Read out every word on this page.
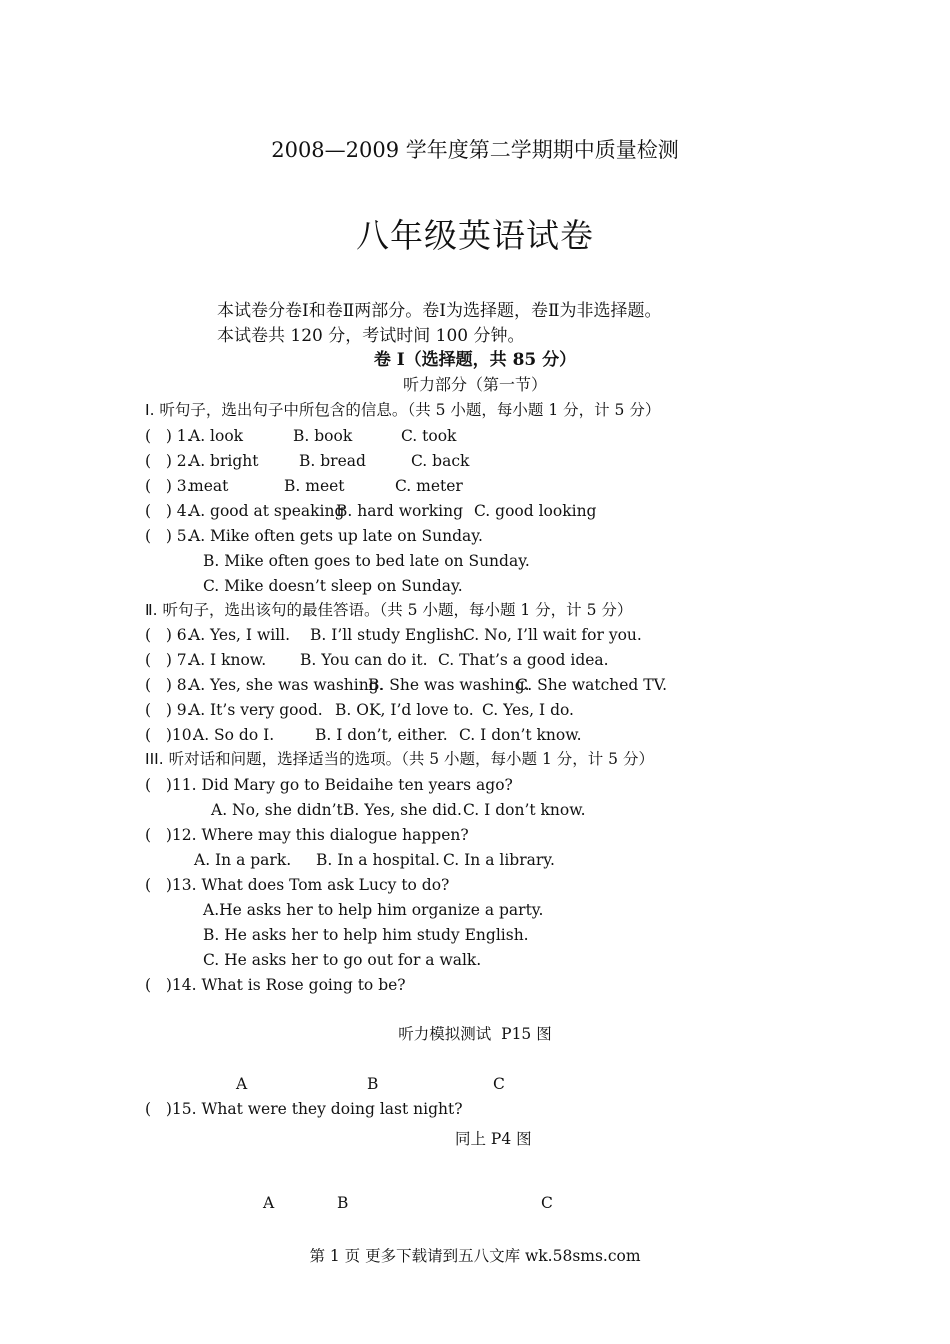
2008—2009 学年度第二学期期中质量检测
八年级英语试卷
本试卷分卷Ⅰ和卷Ⅱ两部分。卷Ⅰ为选择题，卷Ⅱ为非选择题。
本试卷共 120 分，考试时间 100 分钟。
卷 I（选择题，共 85 分）
听力部分（第一节）
Ⅰ. 听句子，选出句子中所包含的信息。（共 5 小题，每小题 1 分，计 5 分）
(   ) 1.
A. look	B. book	C. took
(   ) 2.
A. bright	B. bread	C. back
(   ) 3.
meat	B. meet	C. meter
(   ) 4.
A. good at speaking
B. hard working C. good looking
(   ) 5.
A. Mike often gets up late on Sunday.
B. Mike often goes to bed late on Sunday.
C. Mike doesn’t sleep on Sunday.
Ⅱ. 听句子，选出该句的最佳答语。（共 5 小题，每小题 1 分，计 5 分）
(   ) 6.
A. Yes, I will. B. I’ll study English.
C. No, I’ll wait for you.
(   ) 7.
A. I know. B. You can do it. C. That’s a good idea.
(   ) 8.
A. Yes, she was washing.
B. She was washing.
C. She watched TV.
(   ) 9.
A. It’s very good. B. OK, I’d love to. C. Yes, I do.
(   )10.
A. So do I.	B. I don’t, either. C. I don’t know.
III. 听对话和问题，选择适当的选项。（共 5 小题，每小题 1 分，计 5 分）
(   )11. Did Mary go to Beidaihe ten years ago?
A. No, she didn’t.
B. Yes, she did. C. I don’t know.
(   )12. Where may this dialogue happen?
A. In a park. B. In a hospital. C. In a library.
(   )13. What does Tom ask Lucy to do?
A.He asks her to help him organize a party.
B. He asks her to help him study English.
C. He asks her to go out for a walk.
(   )14. What is Rose going to be?
听力模拟测试  P15 图
A	B	C
(   )15. What were they doing last night?
同上 P4 图
A	B	C
第 1 页 更多下载请到五八文库 wk.58sms.com
